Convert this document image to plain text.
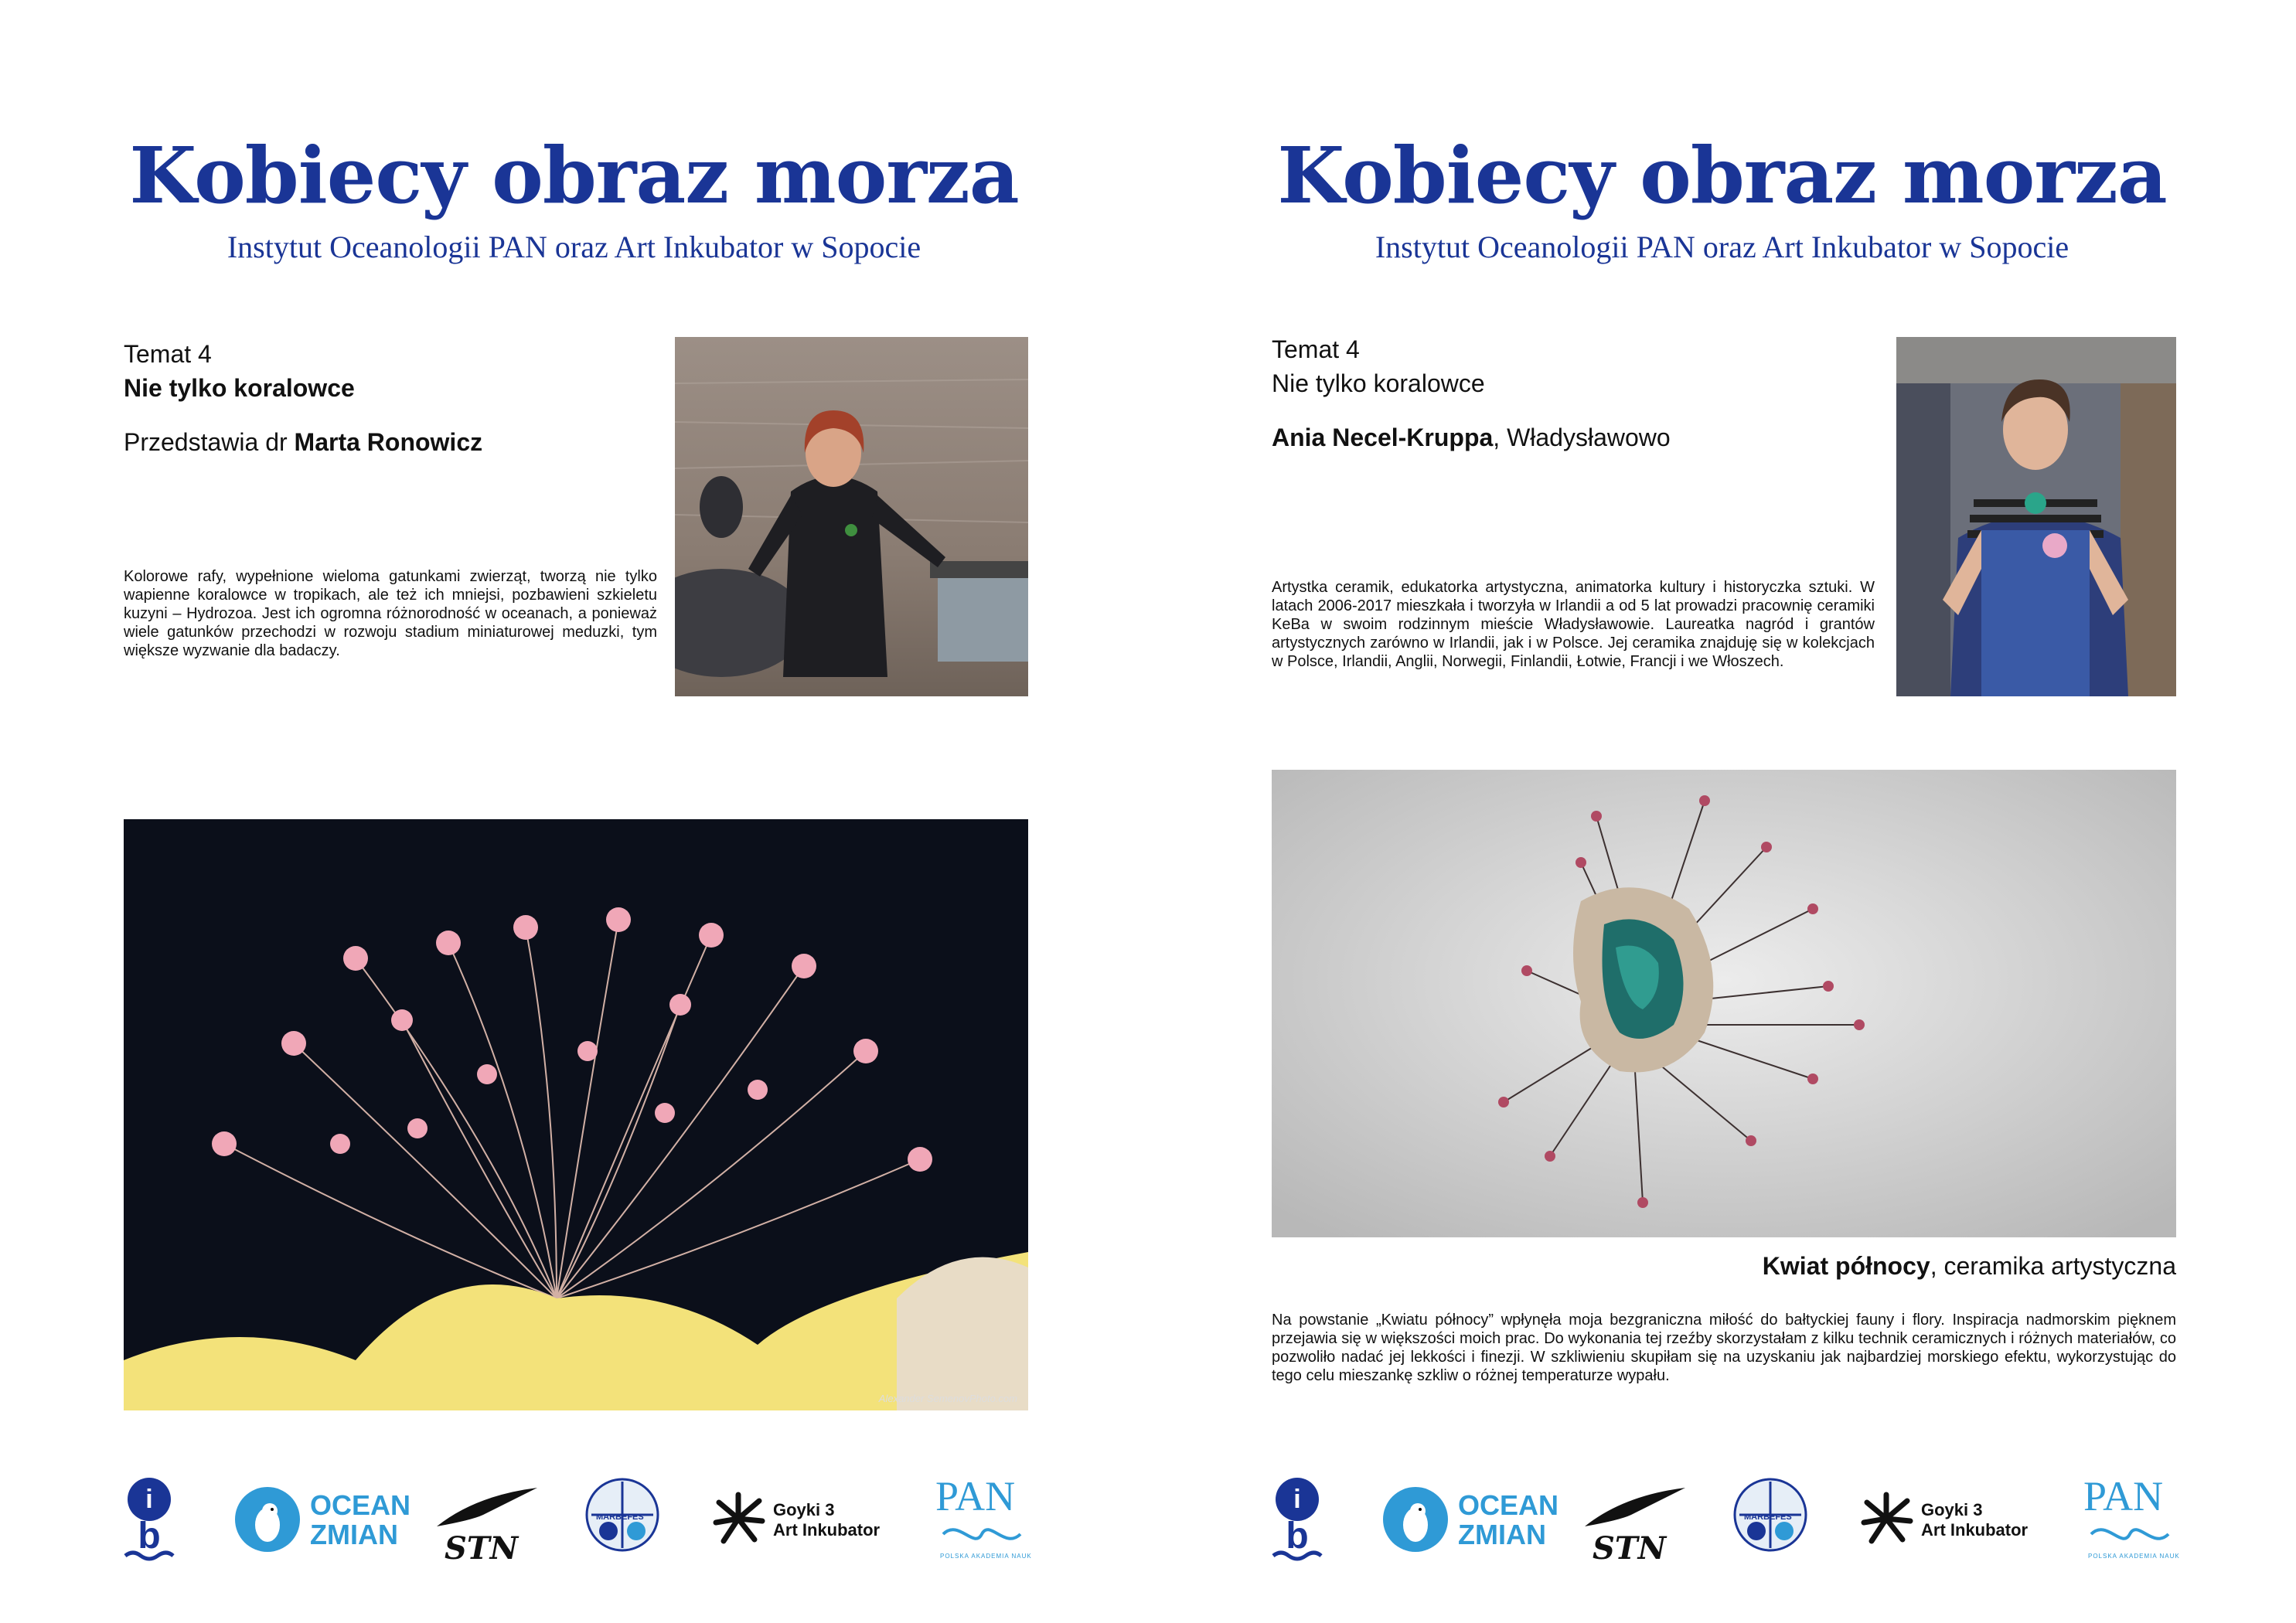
Kobiecy obraz morza

Instytut Oceanologii PAN oraz Art Inkubator w Sopocie

Temat 4
Nie tylko koralowce
Przedstawia dr Marta Ronowicz

Kolorowe rafy, wypełnione wieloma gatunkami zwierząt, tworzą nie tylko wapienne koralowce w tropikach, ale też ich mniejsi, pozbawieni szkieletu kuzyni – Hydrozoa. Jest ich ogromna różnorodność w oceanach, a ponieważ wiele gatunków przechodzi w rozwoju stadium miniaturowej meduzki, tym większe wyzwanie dla badaczy.

Alexander SemenovPhoto.com
i
b
OCEAN
ZMIAN	STN
MARBEFES	Goyki 3
Art Inkubator
PAN
POLSKA AKADEMIA NAUK
Kobiecy obraz morza

Instytut Oceanologii PAN oraz Art Inkubator w Sopocie

Temat 4
Nie tylko koralowce
Ania Necel-Kruppa, Władysławowo

Artystka ceramik, edukatorka artystyczna, animatorka kultury i historyczka sztuki. W latach 2006-2017 mieszkała i tworzyła w Irlandii a od 5 lat prowadzi pracownię ceramiki KeBa w swoim rodzinnym mieście Władysławowie. Laureatka nagród i grantów artystycznych zarówno w Irlandii, jak i w Polsce. Jej ceramika znajduję się w kolekcjach w Polsce, Irlandii, Anglii, Norwegii, Finlandii, Łotwie, Francji i we Włoszech.

Kwiat północy, ceramika artystyczna

Na powstanie „Kwiatu północy” wpłynęła moja bezgraniczna miłość do bałtyckiej fauny i flory. Inspiracja nadmorskim pięknem przejawia się w większości moich prac. Do wykonania tej rzeźby skorzystałam z kilku technik ceramicznych i różnych materiałów, co pozwoliło nadać jej lekkości i finezji. W szkliwieniu skupiłam się na uzyskaniu jak najbardziej morskiego efektu, wykorzystując do tego celu mieszankę szkliw o różnej temperaturze wypału.

i
b
OCEAN
ZMIAN	STN
MARBEFES	Goyki 3
Art Inkubator
PAN
POLSKA AKADEMIA NAUK
